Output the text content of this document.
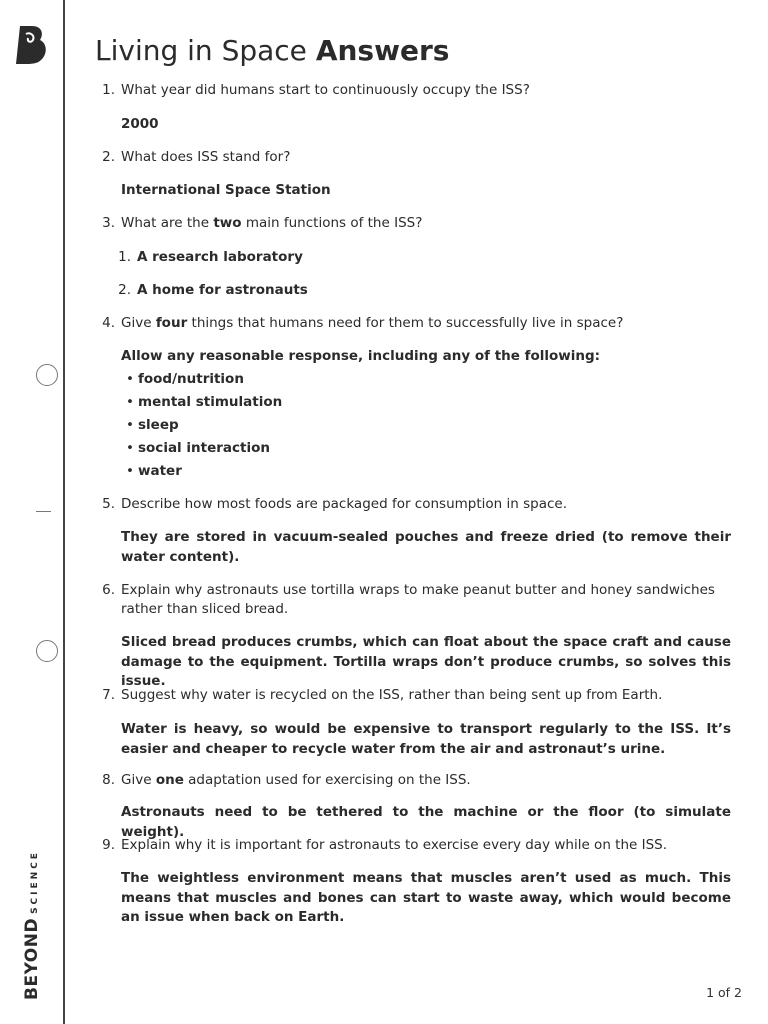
BEYONDSCIENCE
Living in Space Answers
1. What year did humans start to continuously occupy the ISS?
2000
2. What does ISS stand for?
International Space Station
3. What are the two main functions of the ISS?
1. A research laboratory
2. A home for astronauts
4. Give four things that humans need for them to successfully live in space?
Allow any reasonable response, including any of the following:
• food/nutrition
• mental stimulation
• sleep
• social interaction
• water
5. Describe how most foods are packaged for consumption in space.
They are stored in vacuum-sealed pouches and freeze dried (to remove their water content).
6. Explain why astronauts use tortilla wraps to make peanut butter and honey sandwiches rather than sliced bread.
Sliced bread produces crumbs, which can float about the space craft and cause damage to the equipment. Tortilla wraps don’t produce crumbs, so solves this issue.
7. Suggest why water is recycled on the ISS, rather than being sent up from Earth.
Water is heavy, so would be expensive to transport regularly to the ISS. It’s easier and cheaper to recycle water from the air and astronaut’s urine.
8. Give one adaptation used for exercising on the ISS.
Astronauts need to be tethered to the machine or the floor (to simulate weight).
9. Explain why it is important for astronauts to exercise every day while on the ISS.
The weightless environment means that muscles aren’t used as much. This means that muscles and bones can start to waste away, which would become an issue when back on Earth.
1 of 2
